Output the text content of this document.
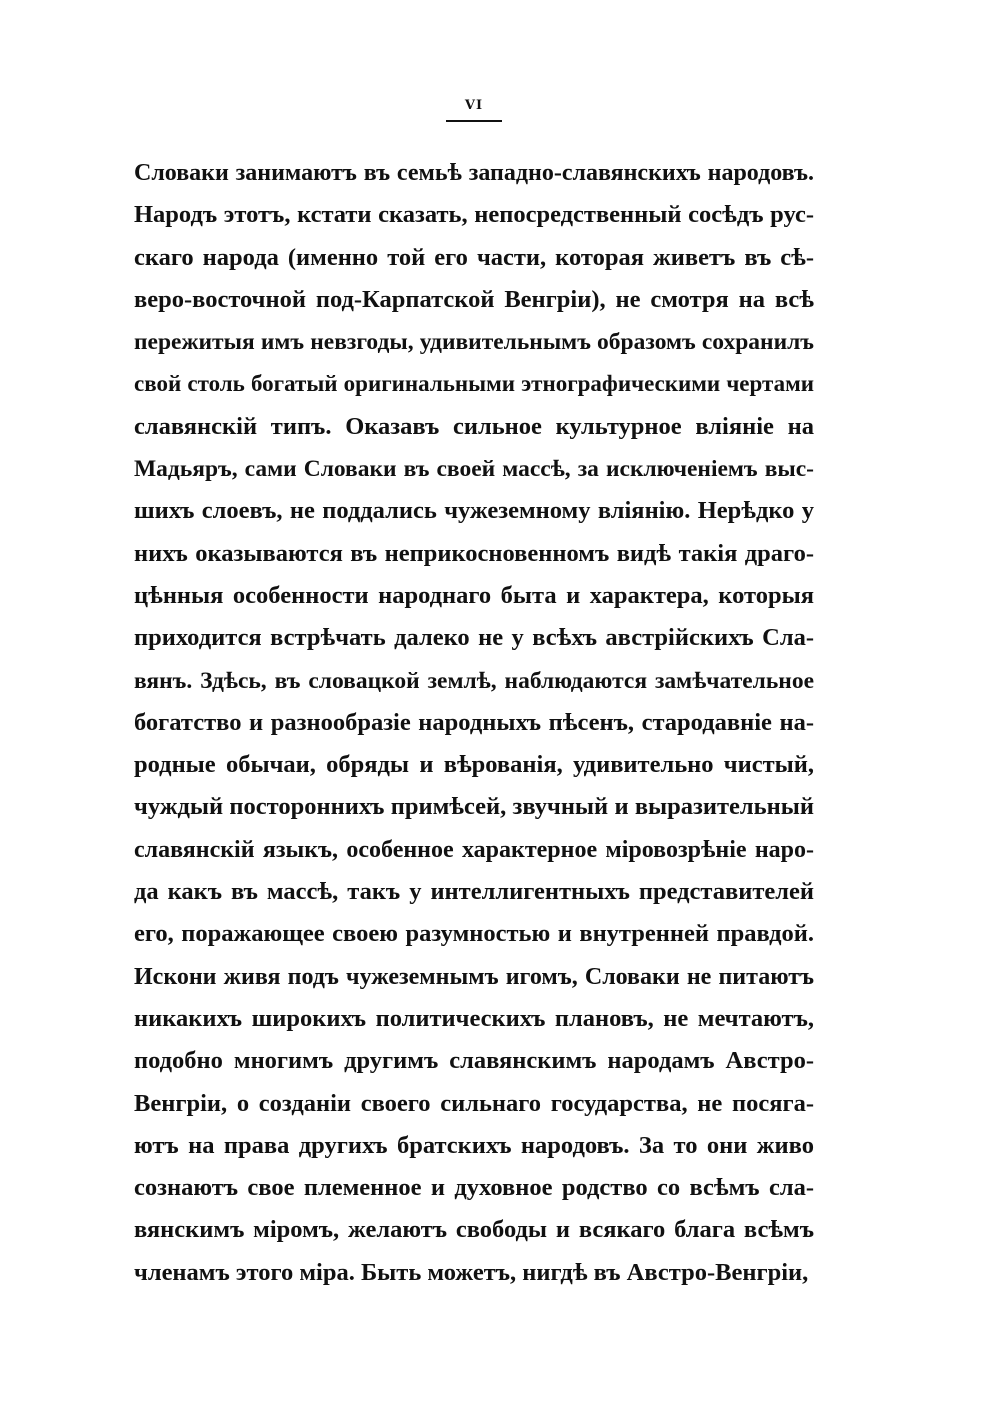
VI
Словаки занимаютъ въ семьѣ западно-славянскихъ народовъ.
Народъ этотъ, кстати сказать, непосредственный сосѣдъ рус-
скаго народа (именно той его части, которая живетъ въ сѣ-
веро-восточной под-Карпатской Венгріи), не смотря на всѣ
пережитыя имъ невзгоды, удивительнымъ образомъ сохранилъ
свой столь богатый оригинальными этнографическими чертами
славянскій типъ. Оказавъ сильное культурное вліяніе на
Мадьяръ, сами Словаки въ своей массѣ, за исключеніемъ выс-
шихъ слоевъ, не поддались чужеземному вліянію. Нерѣдко у
нихъ оказываются въ неприкосновенномъ видѣ такія драго-
цѣнныя особенности народнаго быта и характера, которыя
приходится встрѣчать далеко не у всѣхъ австрійскихъ Сла-
вянъ. Здѣсь, въ словацкой землѣ, наблюдаются замѣчательное
богатство и разнообразіе народныхъ пѣсенъ, стародавніе на-
родные обычаи, обряды и вѣрованія, удивительно чистый,
чуждый постороннихъ примѣсей, звучный и выразительный
славянскій языкъ, особенное характерное міровозрѣніе наро-
да какъ въ массѣ, такъ у интеллигентныхъ представителей
его, поражающее своею разумностью и внутренней правдой.
Искони живя подъ чужеземнымъ игомъ, Словаки не питаютъ
никакихъ широкихъ политическихъ плановъ, не мечтаютъ,
подобно многимъ другимъ славянскимъ народамъ Австро-
Венгріи, о созданіи своего сильнаго государства, не посяга-
ютъ на права другихъ братскихъ народовъ. За то они живо
сознаютъ свое племенное и духовное родство со всѣмъ сла-
вянскимъ міромъ, желаютъ свободы и всякаго блага всѣмъ
членамъ этого міра. Быть можетъ, нигдѣ въ Австро-Венгріи,
